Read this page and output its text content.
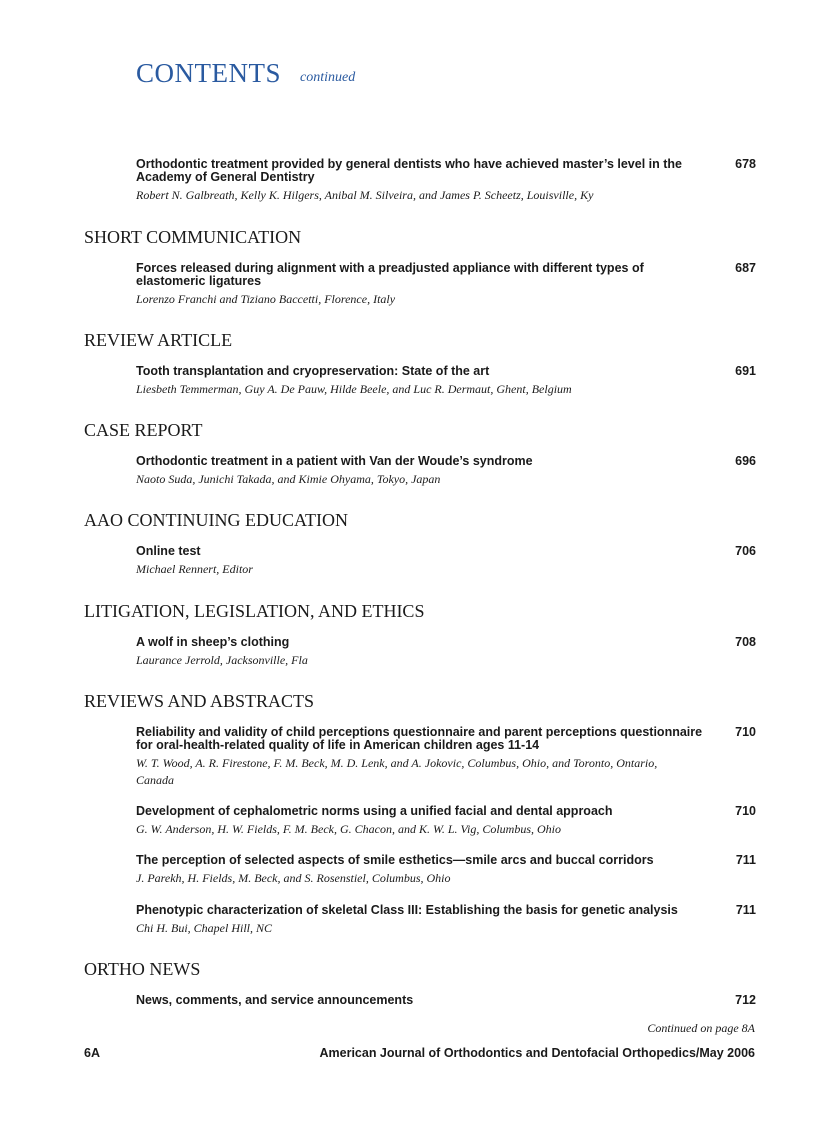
CONTENTS continued
Orthodontic treatment provided by general dentists who have achieved master’s level in the Academy of General Dentistry
Robert N. Galbreath, Kelly K. Hilgers, Anibal M. Silveira, and James P. Scheetz, Louisville, Ky
678
SHORT COMMUNICATION
Forces released during alignment with a preadjusted appliance with different types of elastomeric ligatures
Lorenzo Franchi and Tiziano Baccetti, Florence, Italy
687
REVIEW ARTICLE
Tooth transplantation and cryopreservation: State of the art
Liesbeth Temmerman, Guy A. De Pauw, Hilde Beele, and Luc R. Dermaut, Ghent, Belgium
691
CASE REPORT
Orthodontic treatment in a patient with Van der Woude’s syndrome
Naoto Suda, Junichi Takada, and Kimie Ohyama, Tokyo, Japan
696
AAO CONTINUING EDUCATION
Online test
Michael Rennert, Editor
706
LITIGATION, LEGISLATION, AND ETHICS
A wolf in sheep’s clothing
Laurance Jerrold, Jacksonville, Fla
708
REVIEWS AND ABSTRACTS
Reliability and validity of child perceptions questionnaire and parent perceptions questionnaire for oral-health-related quality of life in American children ages 11-14
W. T. Wood, A. R. Firestone, F. M. Beck, M. D. Lenk, and A. Jokovic, Columbus, Ohio, and Toronto, Ontario, Canada
710
Development of cephalometric norms using a unified facial and dental approach
G. W. Anderson, H. W. Fields, F. M. Beck, G. Chacon, and K. W. L. Vig, Columbus, Ohio
710
The perception of selected aspects of smile esthetics—smile arcs and buccal corridors
J. Parekh, H. Fields, M. Beck, and S. Rosenstiel, Columbus, Ohio
711
Phenotypic characterization of skeletal Class III: Establishing the basis for genetic analysis
Chi H. Bui, Chapel Hill, NC
711
ORTHO NEWS
News, comments, and service announcements	712
Continued on page 8A
6A	American Journal of Orthodontics and Dentofacial Orthopedics/May 2006
